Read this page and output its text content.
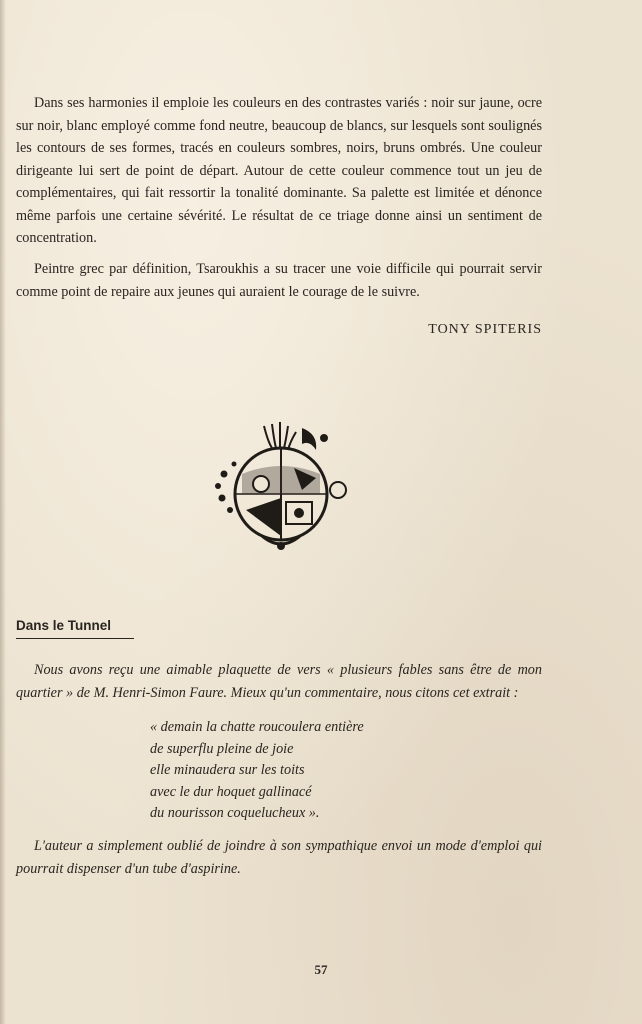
Dans ses harmonies il emploie les couleurs en des contrastes variés : noir sur jaune, ocre sur noir, blanc employé comme fond neutre, beaucoup de blancs, sur lesquels sont soulignés les contours de ses formes, tracés en couleurs sombres, noirs, bruns ombrés. Une couleur dirigeante lui sert de point de départ. Autour de cette couleur commence tout un jeu de complémentaires, qui fait ressortir la tonalité dominante. Sa palette est limitée et dénonce même parfois une certaine sévérité. Le résultat de ce triage donne ainsi un sentiment de concentration.

Peintre grec par définition, Tsaroukhis a su tracer une voie difficile qui pourrait servir comme point de repaire aux jeunes qui auraient le courage de le suivre.

TONY SPITERIS
Dans le Tunnel

Nous avons reçu une aimable plaquette de vers « plusieurs fables sans être de mon quartier » de M. Henri-Simon Faure. Mieux qu'un commentaire, nous citons cet extrait :

« demain la chatte roucoulera entière
de superflu pleine de joie
elle minaudera sur les toits
avec le dur hoquet gallinacé
du nourisson coquelucheux ».

L'auteur a simplement oublié de joindre à son sympathique envoi un mode d'emploi qui pourrait dispenser d'un tube d'aspirine.

57
